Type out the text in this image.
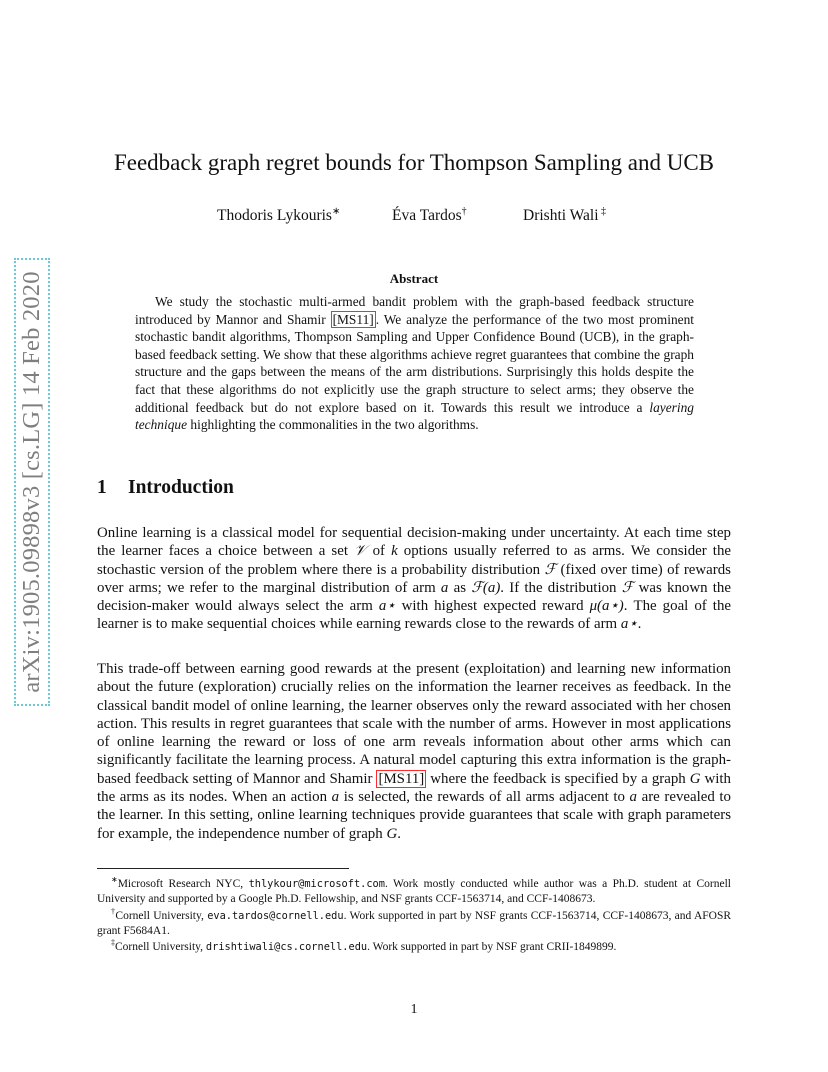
arXiv:1905.09898v3 [cs.LG] 14 Feb 2020
Feedback graph regret bounds for Thompson Sampling and UCB
Thodoris Lykouris∗	Éva Tardos†	Drishti Wali ‡
Abstract

We study the stochastic multi-armed bandit problem with the graph-based feedback structure introduced by Mannor and Shamir [MS11] . We analyze the performance of the two most prominent stochastic bandit algorithms, Thompson Sampling and Upper Confidence Bound (UCB), in the graph-based feedback setting. We show that these algorithms achieve regret guarantees that combine the graph structure and the gaps between the means of the arm distributions. Surprisingly this holds despite the fact that these algorithms do not explicitly use the graph structure to select arms; they observe the additional feedback but do not explore based on it. Towards this result we introduce a layering technique highlighting the commonalities in the two algorithms.

1 Introduction

Online learning is a classical model for sequential decision-making under uncertainty. At each time step the learner faces a choice between a set 𝒱 of k options usually referred to as arms. We consider the stochastic version of the problem where there is a probability distribution ℱ (fixed over time) of rewards over arms; we refer to the marginal distribution of arm a as ℱ(a). If the distribution ℱ was known the decision-maker would always select the arm a⋆ with highest expected reward μ(a⋆). The goal of the learner is to make sequential choices while earning rewards close to the rewards of arm a⋆.

This trade-off between earning good rewards at the present (exploitation) and learning new information about the future (exploration) crucially relies on the information the learner receives as feedback. In the classical bandit model of online learning, the learner observes only the reward associated with her chosen action. This results in regret guarantees that scale with the number of arms. However in most applications of online learning the reward or loss of one arm reveals information about other arms which can significantly facilitate the learning process. A natural model capturing this extra information is the graph-based feedback setting of Mannor and Shamir [MS11] where the feedback is specified by a graph G with the arms as its nodes. When an action a is selected, the rewards of all arms adjacent to a are revealed to the learner. In this setting, online learning techniques provide guarantees that scale with graph parameters for example, the independence number of graph G.

∗Microsoft Research NYC, thlykour@microsoft.com. Work mostly conducted while author was a Ph.D. student at Cornell University and supported by a Google Ph.D. Fellowship, and NSF grants CCF-1563714, and CCF-1408673.

†Cornell University, eva.tardos@cornell.edu. Work supported in part by NSF grants CCF-1563714, CCF-1408673, and AFOSR grant F5684A1.

‡Cornell University, drishtiwali@cs.cornell.edu. Work supported in part by NSF grant CRII-1849899.

1
